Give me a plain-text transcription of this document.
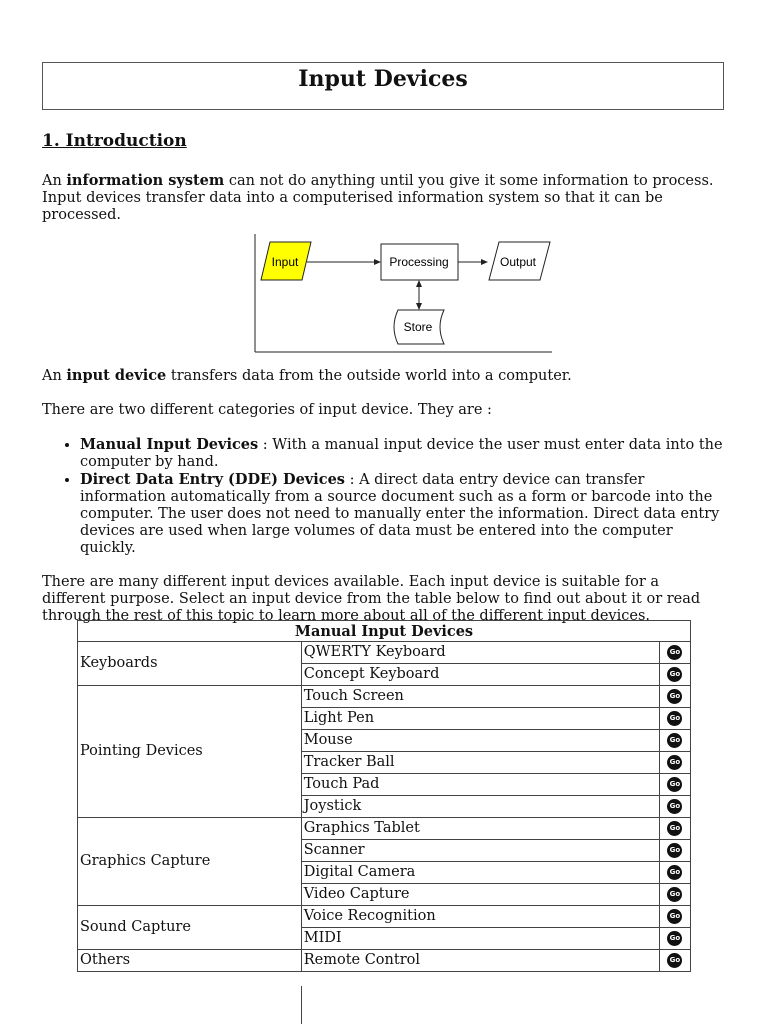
Input Devices
1. Introduction

An information system can not do anything until you give it some information to process. Input devices transfer data into a computerised information system so that it can be processed.

Input	Processing	Output
Store

An input device transfers data from the outside world into a computer.

There are two different categories of input device. They are :

• Manual Input Devices : With a manual input device the user must enter data into the computer by hand.
• Direct Data Entry (DDE) Devices : A direct data entry device can transfer information automatically from a source document such as a form or barcode into the computer. The user does not need to manually enter the information. Direct data entry devices are used when large volumes of data must be entered into the computer quickly.

There are many different input devices available. Each input device is suitable for a different purpose. Select an input device from the table below to find out about it or read through the rest of this topic to learn more about all of the different input devices.

Manual Input Devices		
Keyboards	QWERTY Keyboard	Go
	Concept Keyboard	Go
Pointing Devices	Touch Screen	Go
	Light Pen	Go
	Mouse	Go
	Tracker Ball	Go
	Touch Pad	Go
	Joystick	Go
Graphics Capture	Graphics Tablet	Go
	Scanner	Go
	Digital Camera	Go
	Video Capture	Go
Sound Capture	Voice Recognition	Go
	MIDI	Go
Others	Remote Control	Go
